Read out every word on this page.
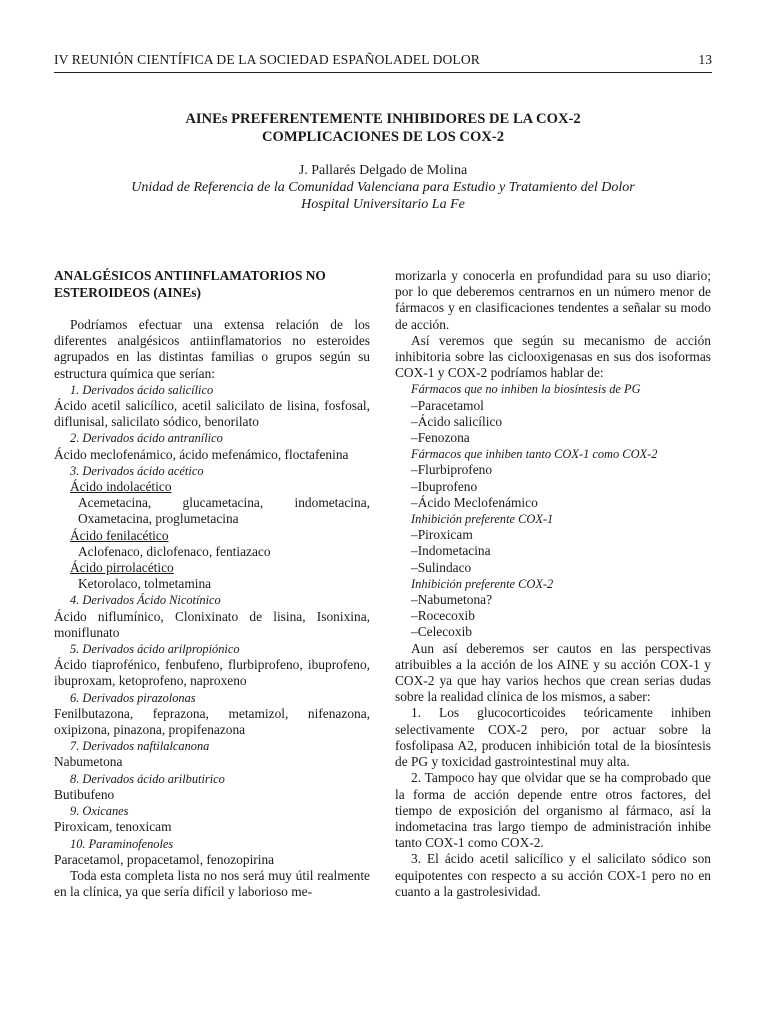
IV REUNIÓN CIENTÍFICA DE LA SOCIEDAD ESPAÑOLADEL DOLOR	13
AINEs PREFERENTEMENTE INHIBIDORES DE LA COX-2
COMPLICACIONES DE LOS COX-2
J. Pallarés Delgado de Molina
Unidad de Referencia de la Comunidad Valenciana para Estudio y Tratamiento del Dolor
Hospital Universitario La Fe

ANALGÉSICOS ANTIINFLAMATORIOS NO ESTEROIDEOS (AINEs)

Podríamos efectuar una extensa relación de los diferentes analgésicos antiinflamatorios no esteroides agrupados en las distintas familias o grupos según su estructura química que serían:

1. Derivados ácido salicílico

Ácido acetil salicílico, acetil salicilato de lisina, fosfosal, diflunisal, salicilato sódico, benorilato

2. Derivados ácido antranílico

Ácido meclofenámico, ácido mefenámico, floctafenina

3. Derivados ácido acético

Ácido indolacético

Acemetacina, glucametacina, indometacina, Oxametacina, proglumetacina

Ácido fenilacético

Aclofenaco, diclofenaco, fentiazaco

Ácido pirrolacético

Ketorolaco, tolmetamina

4. Derivados Ácido Nicotínico

Ácido niflumínico, Clonixinato de lisina, Isonixina, moniflunato

5. Derivados ácido arilpropiónico

Ácido tiaprofénico, fenbufeno, flurbiprofeno, ibuprofeno, ibuproxam, ketoprofeno, naproxeno

6. Derivados pirazolonas

Fenilbutazona, feprazona, metamizol, nifenazona, oxipizona, pinazona, propifenazona

7. Derivados naftilalcanona

Nabumetona

8. Derivados ácido arilbutirico

Butibufeno

9. Oxicanes

Piroxicam, tenoxicam

10. Paraminofenoles

Paracetamol, propacetamol, fenozopirina

Toda esta completa lista no nos será muy útil realmente en la clínica, ya que sería difícil y laborioso me-

morizarla y conocerla en profundidad para su uso diario; por lo que deberemos centrarnos en un número menor de fármacos y en clasificaciones tendentes a señalar su modo de acción.

Así veremos que según su mecanismo de acción inhibitoria sobre las ciclooxigenasas en sus dos isoformas COX-1 y COX-2 podríamos hablar de:

Fármacos que no inhiben la biosíntesis de PG

–Paracetamol

–Ácido salicílico

–Fenozona

Fármacos que inhiben tanto COX-1 como COX-2

–Flurbiprofeno

–Ibuprofeno

–Ácido Meclofenámico

Inhibición preferente COX-1

–Piroxicam

–Indometacina

–Sulindaco

Inhibición preferente COX-2

–Nabumetona?

–Rocecoxib

–Celecoxib

Aun así deberemos ser cautos en las perspectivas atribuibles a la acción de los AINE y su acción COX-1 y COX-2 ya que hay varios hechos que crean serias dudas sobre la realidad clínica de los mismos, a saber:

1. Los glucocorticoides teóricamente inhiben selectivamente COX-2 pero, por actuar sobre la fosfolipasa A2, producen inhibición total de la biosíntesis de PG y toxicidad gastrointestinal muy alta.

2. Tampoco hay que olvidar que se ha comprobado que la forma de acción depende entre otros factores, del tiempo de exposición del organismo al fármaco, así la indometacina tras largo tiempo de administración inhibe tanto COX-1 como COX-2.

3. El ácido acetil salicílico y el salicilato sódico son equipotentes con respecto a su acción COX-1 pero no en cuanto a la gastrolesividad.
